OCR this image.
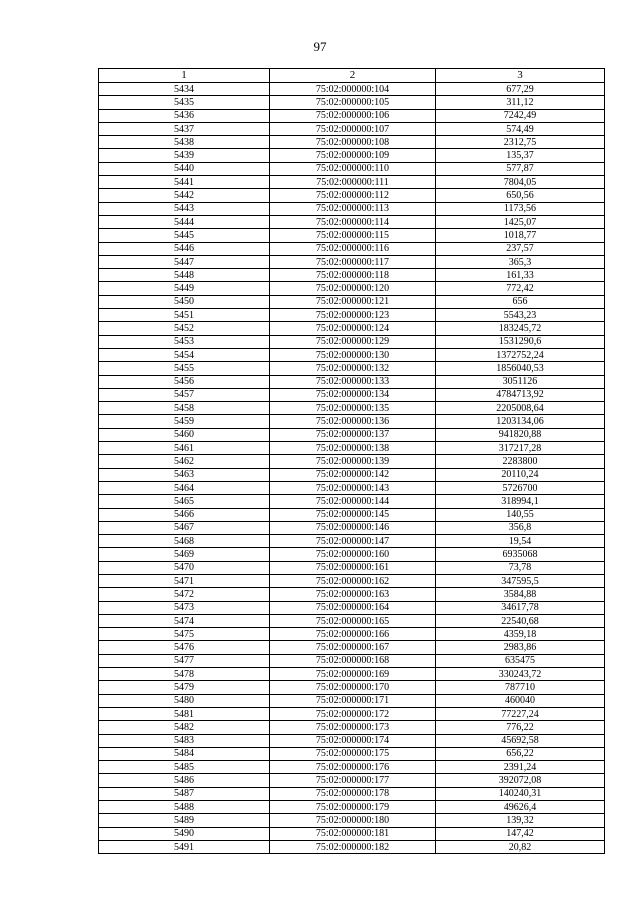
97
1	2	3
5434	75:02:000000:104	677,29
5435	75:02:000000:105	311,12
5436	75:02:000000:106	7242,49
5437	75:02:000000:107	574,49
5438	75:02:000000:108	2312,75
5439	75:02:000000:109	135,37
5440	75:02:000000:110	577,87
5441	75:02:000000:111	7804,05
5442	75:02:000000:112	650,56
5443	75:02:000000:113	1173,56
5444	75:02:000000:114	1425,07
5445	75:02:000000:115	1018,77
5446	75:02:000000:116	237,57
5447	75:02:000000:117	365,3
5448	75:02:000000:118	161,33
5449	75:02:000000:120	772,42
5450	75:02:000000:121	656
5451	75:02:000000:123	5543,23
5452	75:02:000000:124	183245,72
5453	75:02:000000:129	1531290,6
5454	75:02:000000:130	1372752,24
5455	75:02:000000:132	1856040,53
5456	75:02:000000:133	3051126
5457	75:02:000000:134	4784713,92
5458	75:02:000000:135	2205008,64
5459	75:02:000000:136	1203134,06
5460	75:02:000000:137	941820,88
5461	75:02:000000:138	317217,28
5462	75:02:000000:139	2283800
5463	75:02:000000:142	20110,24
5464	75:02:000000:143	5726700
5465	75:02:000000:144	318994,1
5466	75:02:000000:145	140,55
5467	75:02:000000:146	356,8
5468	75:02:000000:147	19,54
5469	75:02:000000:160	6935068
5470	75:02:000000:161	73,78
5471	75:02:000000:162	347595,5
5472	75:02:000000:163	3584,88
5473	75:02:000000:164	34617,78
5474	75:02:000000:165	22540,68
5475	75:02:000000:166	4359,18
5476	75:02:000000:167	2983,86
5477	75:02:000000:168	635475
5478	75:02:000000:169	330243,72
5479	75:02:000000:170	787710
5480	75:02:000000:171	460040
5481	75:02:000000:172	77227,24
5482	75:02:000000:173	776,22
5483	75:02:000000:174	45692,58
5484	75:02:000000:175	656,22
5485	75:02:000000:176	2391,24
5486	75:02:000000:177	392072,08
5487	75:02:000000:178	140240,31
5488	75:02:000000:179	49626,4
5489	75:02:000000:180	139,32
5490	75:02:000000:181	147,42
5491	75:02:000000:182	20,82
